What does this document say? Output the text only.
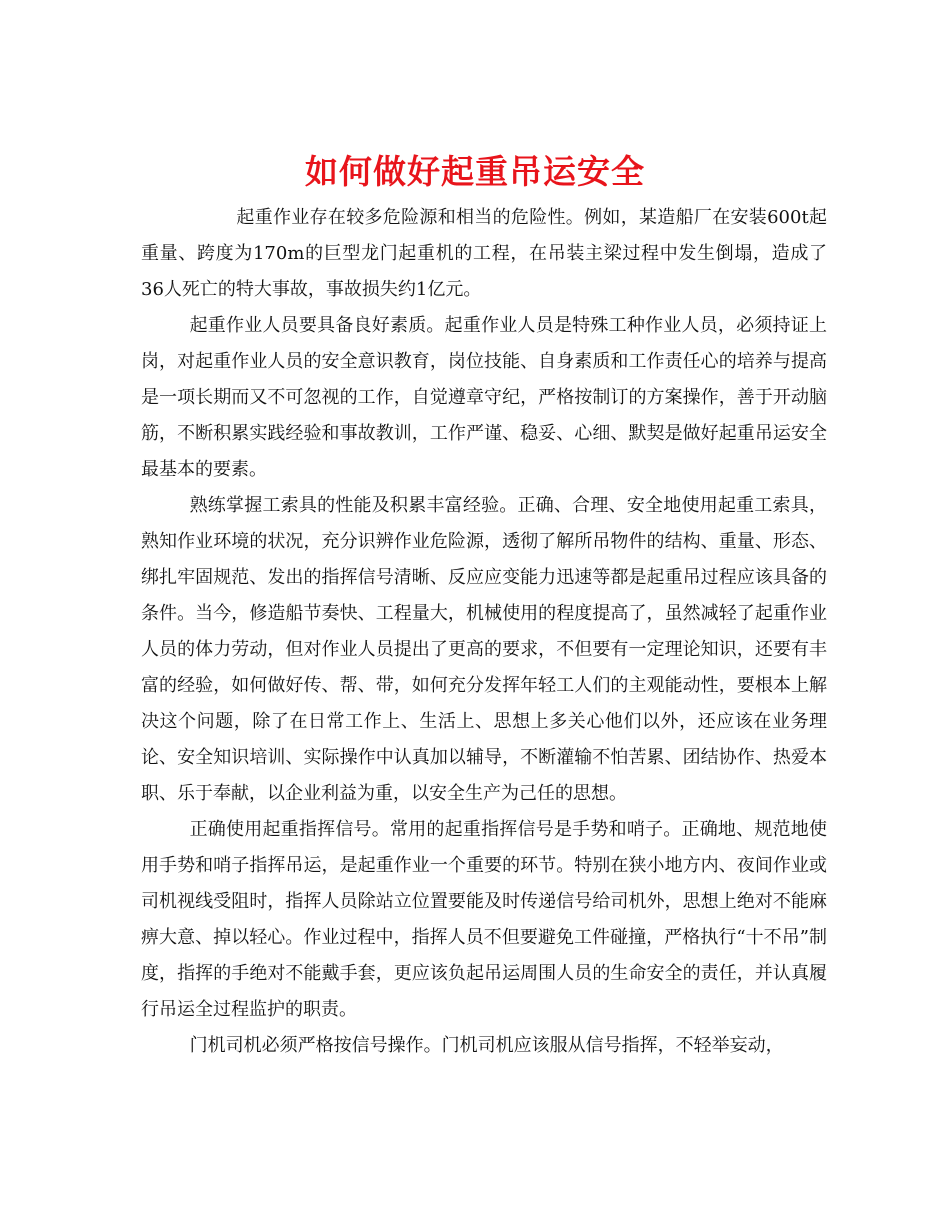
如何做好起重吊运安全

起重作业存在较多危险源和相当的危险性。例如，某造船厂在安装600t起重量、跨度为170m的巨型龙门起重机的工程，在吊装主梁过程中发生倒塌，造成了36人死亡的特大事故，事故损失约1亿元。

起重作业人员要具备良好素质。起重作业人员是特殊工种作业人员，必须持证上岗，对起重作业人员的安全意识教育，岗位技能、自身素质和工作责任心的培养与提高是一项长期而又不可忽视的工作，自觉遵章守纪，严格按制订的方案操作，善于开动脑筋，不断积累实践经验和事故教训，工作严谨、稳妥、心细、默契是做好起重吊运安全最基本的要素。

熟练掌握工索具的性能及积累丰富经验。正确、合理、安全地使用起重工索具，熟知作业环境的状况，充分识辨作业危险源，透彻了解所吊物件的结构、重量、形态、绑扎牢固规范、发出的指挥信号清晰、反应应变能力迅速等都是起重吊过程应该具备的条件。当今，修造船节奏快、工程量大，机械使用的程度提高了，虽然减轻了起重作业人员的体力劳动，但对作业人员提出了更高的要求，不但要有一定理论知识，还要有丰富的经验，如何做好传、帮、带，如何充分发挥年轻工人们的主观能动性，要根本上解决这个问题，除了在日常工作上、生活上、思想上多关心他们以外，还应该在业务理论、安全知识培训、实际操作中认真加以辅导，不断灌输不怕苦累、团结协作、热爱本职、乐于奉献，以企业利益为重，以安全生产为己任的思想。

正确使用起重指挥信号。常用的起重指挥信号是手势和哨子。正确地、规范地使用手势和哨子指挥吊运，是起重作业一个重要的环节。特别在狭小地方内、夜间作业或司机视线受阻时，指挥人员除站立位置要能及时传递信号给司机外，思想上绝对不能麻痹大意、掉以轻心。作业过程中，指挥人员不但要避免工件碰撞，严格执行“十不吊”制度，指挥的手绝对不能戴手套，更应该负起吊运周围人员的生命安全的责任，并认真履行吊运全过程监护的职责。

门机司机必须严格按信号操作。门机司机应该服从信号指挥，不轻举妄动，
